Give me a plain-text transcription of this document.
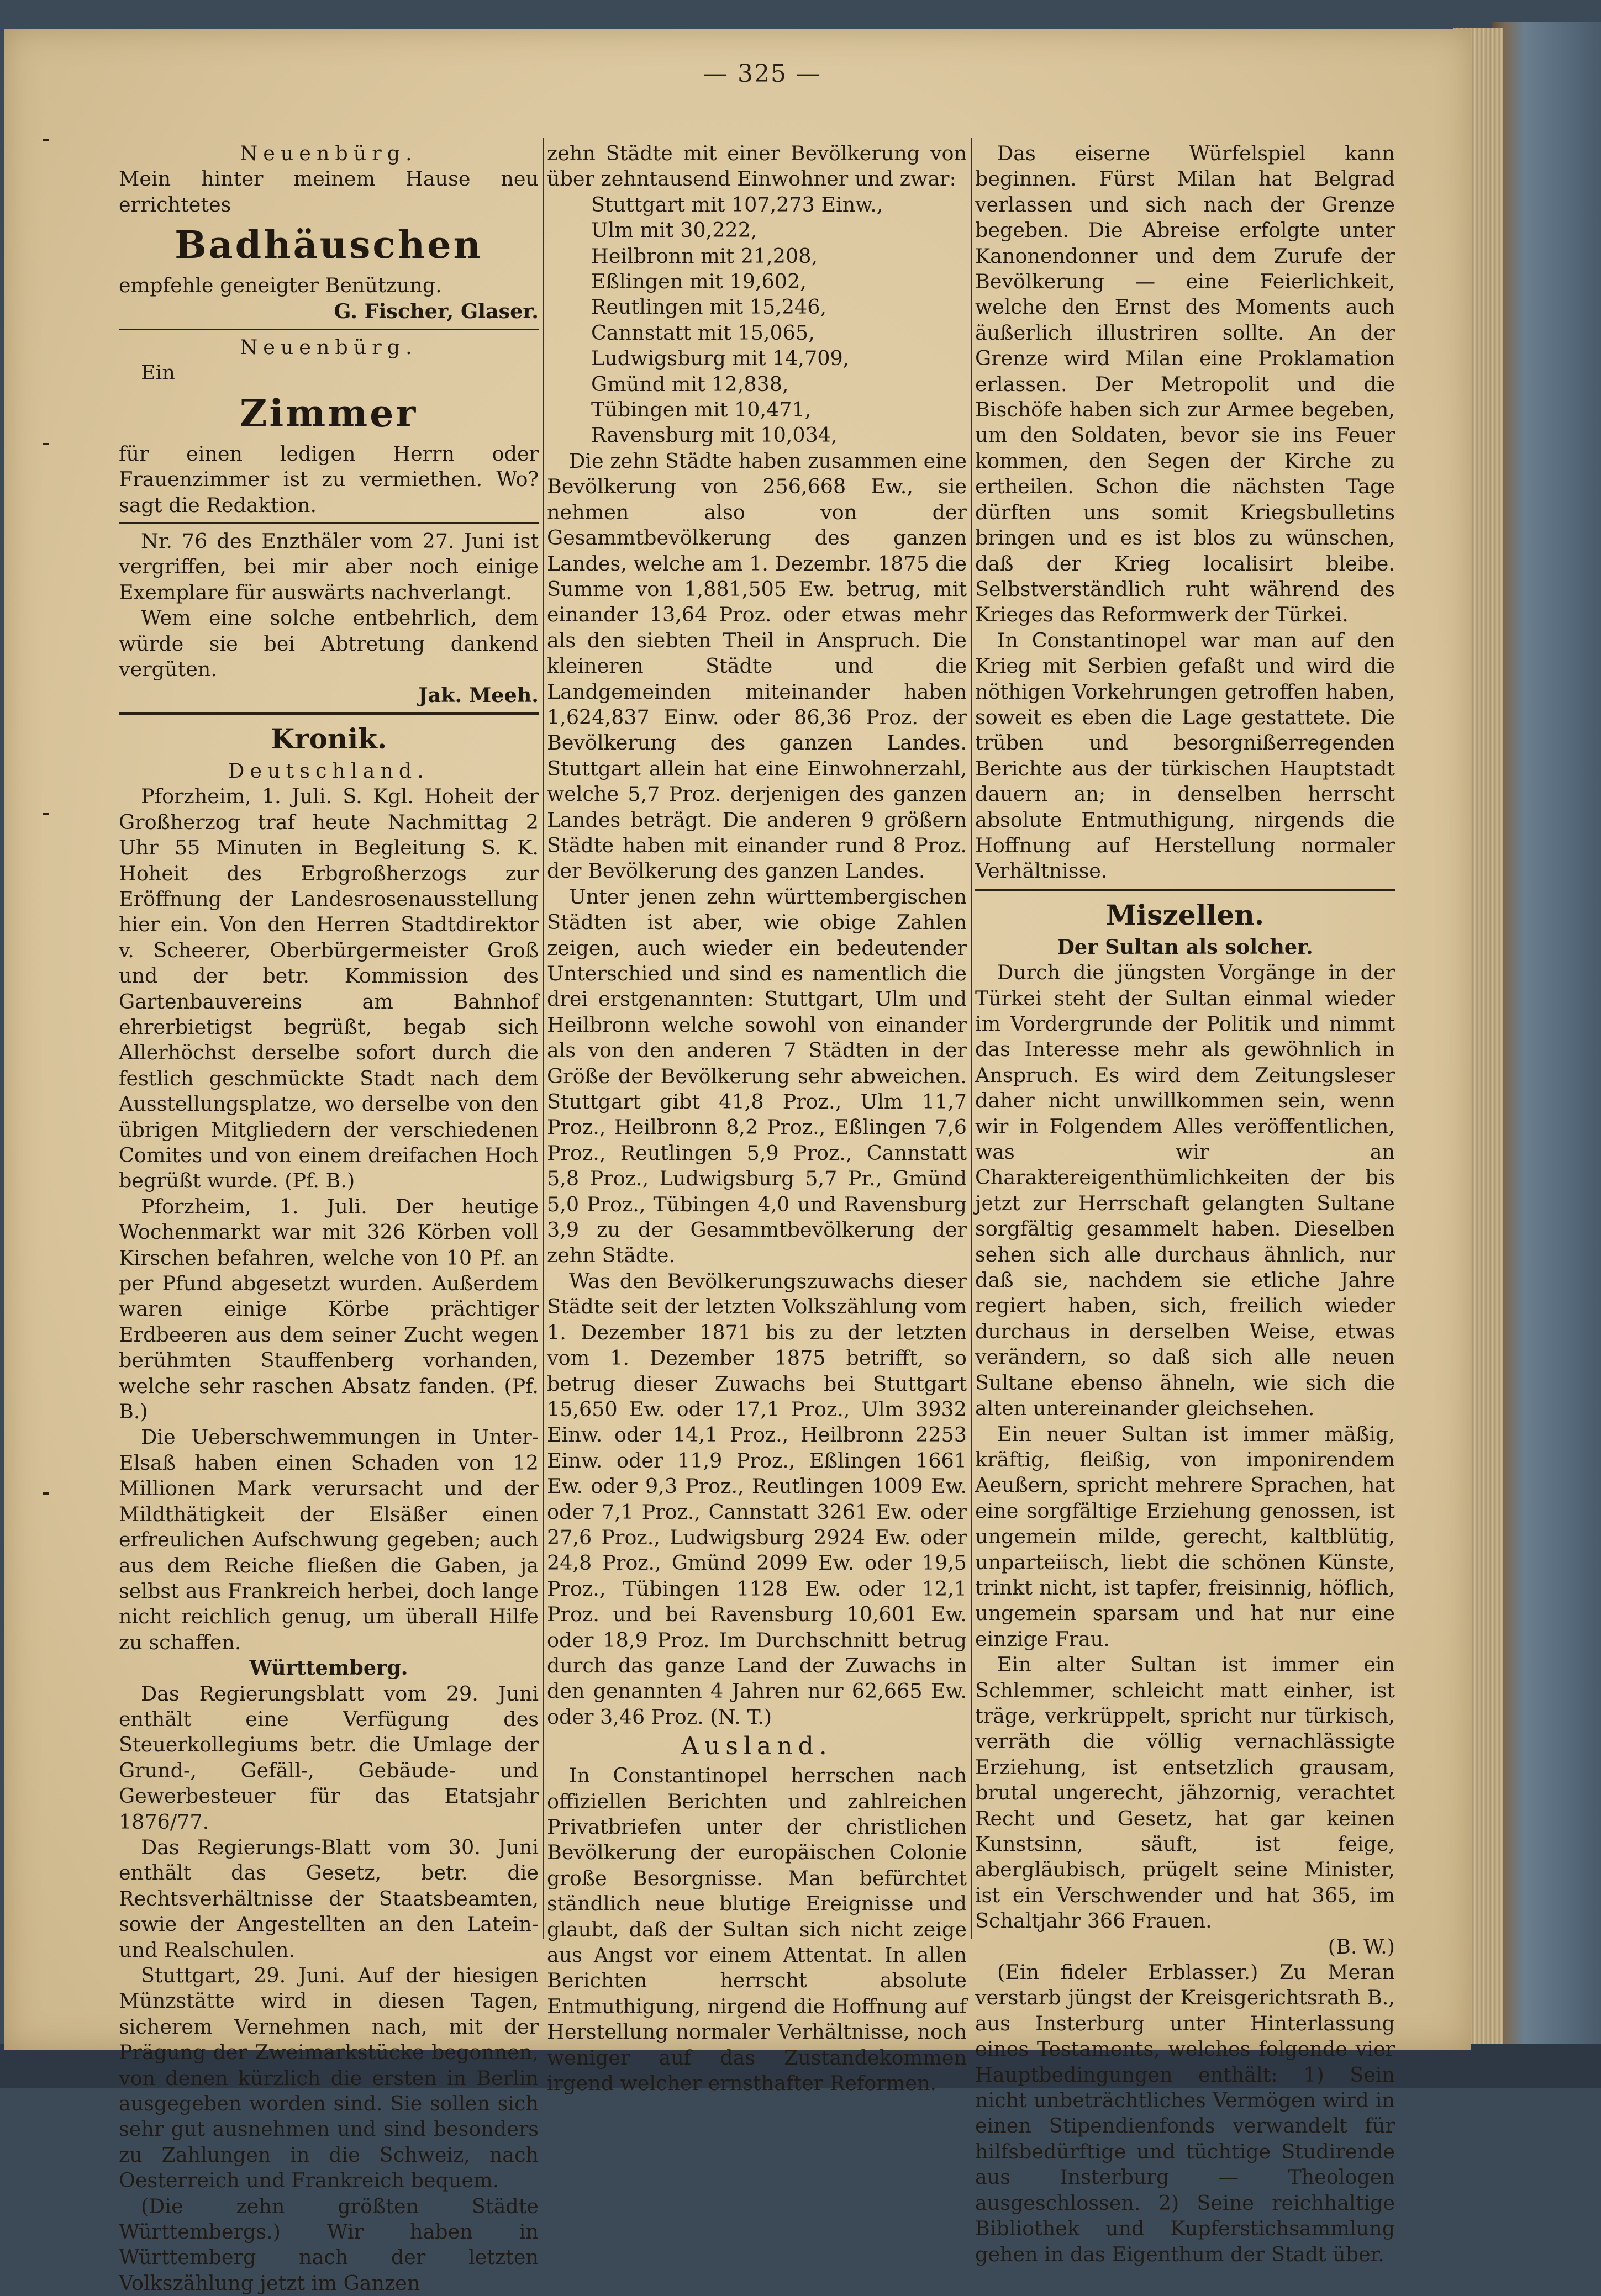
— 325 —

Neuenbürg.

Mein hinter meinem Hause neu errichtetes

Badhäuschen

empfehle geneigter Benützung.

G. Fischer, Glaser.

Neuenbürg.

Ein

Zimmer

für einen ledigen Herrn oder Frauenzimmer ist zu vermiethen. Wo? sagt die Redaktion.

Nr. 76 des Enzthäler vom 27. Juni ist vergriffen, bei mir aber noch einige Exemplare für auswärts nachverlangt.

Wem eine solche entbehrlich, dem würde sie bei Abtretung dankend vergüten.

Jak. Meeh.

Kronik.

Deutschland.

Pforzheim, 1. Juli. S. Kgl. Hoheit der Großherzog traf heute Nachmittag 2 Uhr 55 Minuten in Begleitung S. K. Hoheit des Erbgroßherzogs zur Eröffnung der Landesrosenausstellung hier ein. Von den Herren Stadtdirektor v. Scheerer, Oberbürgermeister Groß und der betr. Kommission des Gartenbauvereins am Bahnhof ehrerbietigst begrüßt, begab sich Allerhöchst derselbe sofort durch die festlich geschmückte Stadt nach dem Ausstellungsplatze, wo derselbe von den übrigen Mitgliedern der verschiedenen Comites und von einem dreifachen Hoch begrüßt wurde. (Pf. B.)

Pforzheim, 1. Juli. Der heutige Wochenmarkt war mit 326 Körben voll Kirschen befahren, welche von 10 Pf. an per Pfund abgesetzt wurden. Außerdem waren einige Körbe prächtiger Erdbeeren aus dem seiner Zucht wegen berühmten Stauffenberg vorhanden, welche sehr raschen Absatz fanden. (Pf. B.)

Die Ueberschwemmungen in Unter-Elsaß haben einen Schaden von 12 Millionen Mark verursacht und der Mildthätigkeit der Elsäßer einen erfreulichen Aufschwung gegeben; auch aus dem Reiche fließen die Gaben, ja selbst aus Frankreich herbei, doch lange nicht reichlich genug, um überall Hilfe zu schaffen.

Württemberg.

Das Regierungsblatt vom 29. Juni enthält eine Verfügung des Steuerkollegiums betr. die Umlage der Grund-, Gefäll-, Gebäude- und Gewerbesteuer für das Etatsjahr 1876/77.

Das Regierungs-Blatt vom 30. Juni enthält das Gesetz, betr. die Rechtsverhältnisse der Staatsbeamten, sowie der Angestellten an den Latein- und Realschulen.

Stuttgart, 29. Juni. Auf der hiesigen Münzstätte wird in diesen Tagen, sicherem Vernehmen nach, mit der Prägung der Zweimarkstücke begonnen, von denen kürzlich die ersten in Berlin ausgegeben worden sind. Sie sollen sich sehr gut ausnehmen und sind besonders zu Zahlungen in die Schweiz, nach Oesterreich und Frankreich bequem.

(Die zehn größten Städte Württembergs.) Wir haben in Württemberg nach der letzten Volkszählung jetzt im Ganzen

zehn Städte mit einer Bevölkerung von über zehntausend Einwohner und zwar:

Stuttgart mit 107,273 Einw.,

Ulm mit 30,222,

Heilbronn mit 21,208,

Eßlingen mit 19,602,

Reutlingen mit 15,246,

Cannstatt mit 15,065,

Ludwigsburg mit 14,709,

Gmünd mit 12,838,

Tübingen mit 10,471,

Ravensburg mit 10,034,

Die zehn Städte haben zusammen eine Bevölkerung von 256,668 Ew., sie nehmen also von der Gesammtbevölkerung des ganzen Landes, welche am 1. Dezembr. 1875 die Summe von 1,881,505 Ew. betrug, mit einander 13,64 Proz. oder etwas mehr als den siebten Theil in Anspruch. Die kleineren Städte und die Landgemeinden miteinander haben 1,624,837 Einw. oder 86,36 Proz. der Bevölkerung des ganzen Landes. Stuttgart allein hat eine Einwohnerzahl, welche 5,7 Proz. derjenigen des ganzen Landes beträgt. Die anderen 9 größern Städte haben mit einander rund 8 Proz. der Bevölkerung des ganzen Landes.

Unter jenen zehn württembergischen Städten ist aber, wie obige Zahlen zeigen, auch wieder ein bedeutender Unterschied und sind es namentlich die drei erstgenannten: Stuttgart, Ulm und Heilbronn welche sowohl von einander als von den anderen 7 Städten in der Größe der Bevölkerung sehr abweichen. Stuttgart gibt 41,8 Proz., Ulm 11,7 Proz., Heilbronn 8,2 Proz., Eßlingen 7,6 Proz., Reutlingen 5,9 Proz., Cannstatt 5,8 Proz., Ludwigsburg 5,7 Pr., Gmünd 5,0 Proz., Tübingen 4,0 und Ravensburg 3,9 zu der Gesammtbevölkerung der zehn Städte.

Was den Bevölkerungszuwachs dieser Städte seit der letzten Volkszählung vom 1. Dezember 1871 bis zu der letzten vom 1. Dezember 1875 betrifft, so betrug dieser Zuwachs bei Stuttgart 15,650 Ew. oder 17,1 Proz., Ulm 3932 Einw. oder 14,1 Proz., Heilbronn 2253 Einw. oder 11,9 Proz., Eßlingen 1661 Ew. oder 9,3 Proz., Reutlingen 1009 Ew. oder 7,1 Proz., Cannstatt 3261 Ew. oder 27,6 Proz., Ludwigsburg 2924 Ew. oder 24,8 Proz., Gmünd 2099 Ew. oder 19,5 Proz., Tübingen 1128 Ew. oder 12,1 Proz. und bei Ravensburg 10,601 Ew. oder 18,9 Proz. Im Durchschnitt betrug durch das ganze Land der Zuwachs in den genannten 4 Jahren nur 62,665 Ew. oder 3,46 Proz. (N. T.)

Ausland.

In Constantinopel herrschen nach offiziellen Berichten und zahlreichen Privatbriefen unter der christlichen Bevölkerung der europäischen Colonie große Besorgnisse. Man befürchtet ständlich neue blutige Ereignisse und glaubt, daß der Sultan sich nicht zeige aus Angst vor einem Attentat. In allen Berichten herrscht absolute Entmuthigung, nirgend die Hoffnung auf Herstellung normaler Verhältnisse, noch weniger auf das Zustandekommen irgend welcher ernsthafter Reformen.

Das eiserne Würfelspiel kann beginnen. Fürst Milan hat Belgrad verlassen und sich nach der Grenze begeben. Die Abreise erfolgte unter Kanonendonner und dem Zurufe der Bevölkerung — eine Feierlichkeit, welche den Ernst des Moments auch äußerlich illustriren sollte. An der Grenze wird Milan eine Proklamation erlassen. Der Metropolit und die Bischöfe haben sich zur Armee begeben, um den Soldaten, bevor sie ins Feuer kommen, den Segen der Kirche zu ertheilen. Schon die nächsten Tage dürften uns somit Kriegsbulletins bringen und es ist blos zu wünschen, daß der Krieg localisirt bleibe. Selbstverständlich ruht während des Krieges das Reformwerk der Türkei.

In Constantinopel war man auf den Krieg mit Serbien gefaßt und wird die nöthigen Vorkehrungen getroffen haben, soweit es eben die Lage gestattete. Die trüben und besorgnißerregenden Berichte aus der türkischen Hauptstadt dauern an; in denselben herrscht absolute Entmuthigung, nirgends die Hoffnung auf Herstellung normaler Verhältnisse.

Miszellen.

Der Sultan als solcher.

Durch die jüngsten Vorgänge in der Türkei steht der Sultan einmal wieder im Vordergrunde der Politik und nimmt das Interesse mehr als gewöhnlich in Anspruch. Es wird dem Zeitungsleser daher nicht unwillkommen sein, wenn wir in Folgendem Alles veröffentlichen, was wir an Charaktereigenthümlichkeiten der bis jetzt zur Herrschaft gelangten Sultane sorgfältig gesammelt haben. Dieselben sehen sich alle durchaus ähnlich, nur daß sie, nachdem sie etliche Jahre regiert haben, sich, freilich wieder durchaus in derselben Weise, etwas verändern, so daß sich alle neuen Sultane ebenso ähneln, wie sich die alten untereinander gleichsehen.

Ein neuer Sultan ist immer mäßig, kräftig, fleißig, von imponirendem Aeußern, spricht mehrere Sprachen, hat eine sorgfältige Erziehung genossen, ist ungemein milde, gerecht, kaltblütig, unparteiisch, liebt die schönen Künste, trinkt nicht, ist tapfer, freisinnig, höflich, ungemein sparsam und hat nur eine einzige Frau.

Ein alter Sultan ist immer ein Schlemmer, schleicht matt einher, ist träge, verkrüppelt, spricht nur türkisch, verräth die völlig vernachlässigte Erziehung, ist entsetzlich grausam, brutal ungerecht, jähzornig, verachtet Recht und Gesetz, hat gar keinen Kunstsinn, säuft, ist feige, abergläubisch, prügelt seine Minister, ist ein Verschwender und hat 365, im Schaltjahr 366 Frauen.

(B. W.)

(Ein fideler Erblasser.) Zu Meran verstarb jüngst der Kreisgerichtsrath B., aus Insterburg unter Hinterlassung eines Testaments, welches folgende vier Hauptbedingungen enthält: 1) Sein nicht unbeträchtliches Vermögen wird in einen Stipendienfonds verwandelt für hilfsbedürftige und tüchtige Studirende aus Insterburg — Theologen ausgeschlossen. 2) Seine reichhaltige Bibliothek und Kupferstichsammlung gehen in das Eigenthum der Stadt über.
